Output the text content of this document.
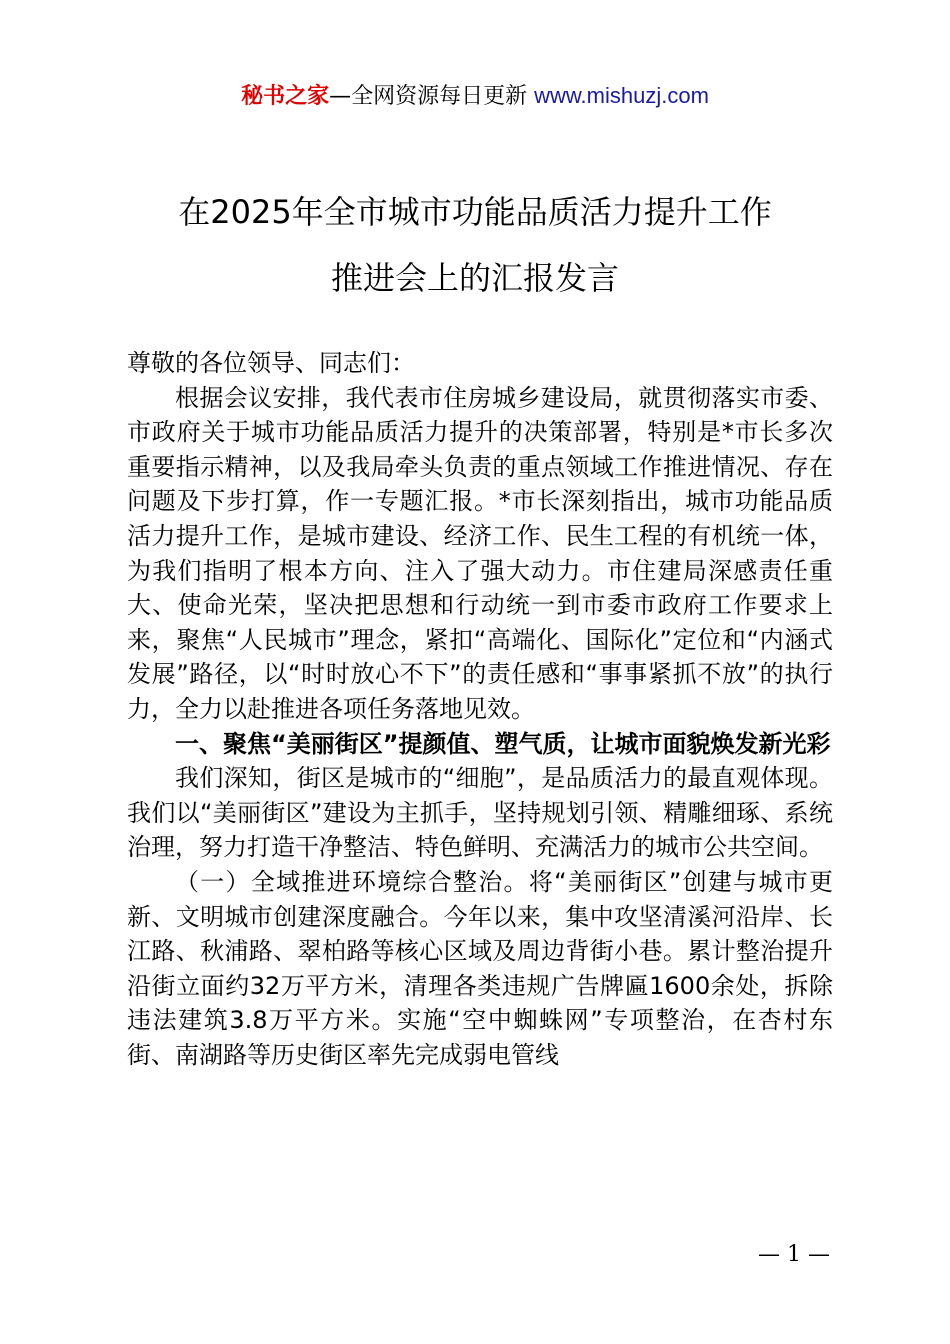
秘书之家—全网资源每日更新 www.mishuzj.com
在2025年全市城市功能品质活力提升工作
推进会上的汇报发言

尊敬的各位领导、同志们：

根据会议安排，我代表市住房城乡建设局，就贯彻落实市委、市政府关于城市功能品质活力提升的决策部署，特别是*市长多次重要指示精神，以及我局牵头负责的重点领域工作推进情况、存在问题及下步打算，作一专题汇报。*市长深刻指出，城市功能品质活力提升工作，是城市建设、经济工作、民生工程的有机统一体，为我们指明了根本方向、注入了强大动力。市住建局深感责任重大、使命光荣，坚决把思想和行动统一到市委市政府工作要求上来，聚焦“人民城市”理念，紧扣“高端化、国际化”定位和“内涵式发展”路径，以“时时放心不下”的责任感和“事事紧抓不放”的执行力，全力以赴推进各项任务落地见效。

一、聚焦“美丽街区”提颜值、塑气质，让城市面貌焕发新光彩

我们深知，街区是城市的“细胞”，是品质活力的最直观体现。我们以“美丽街区”建设为主抓手，坚持规划引领、精雕细琢、系统治理，努力打造干净整洁、特色鲜明、充满活力的城市公共空间。

（一）全域推进环境综合整治。将“美丽街区”创建与城市更新、文明城市创建深度融合。今年以来，集中攻坚清溪河沿岸、长江路、秋浦路、翠柏路等核心区域及周边背街小巷。累计整治提升沿街立面约32万平方米，清理各类违规广告牌匾1600余处，拆除违法建筑3.8万平方米。实施“空中蜘蛛网”专项整治，在杏村东街、南湖路等历史街区率先完成弱电管线

— 1 —
